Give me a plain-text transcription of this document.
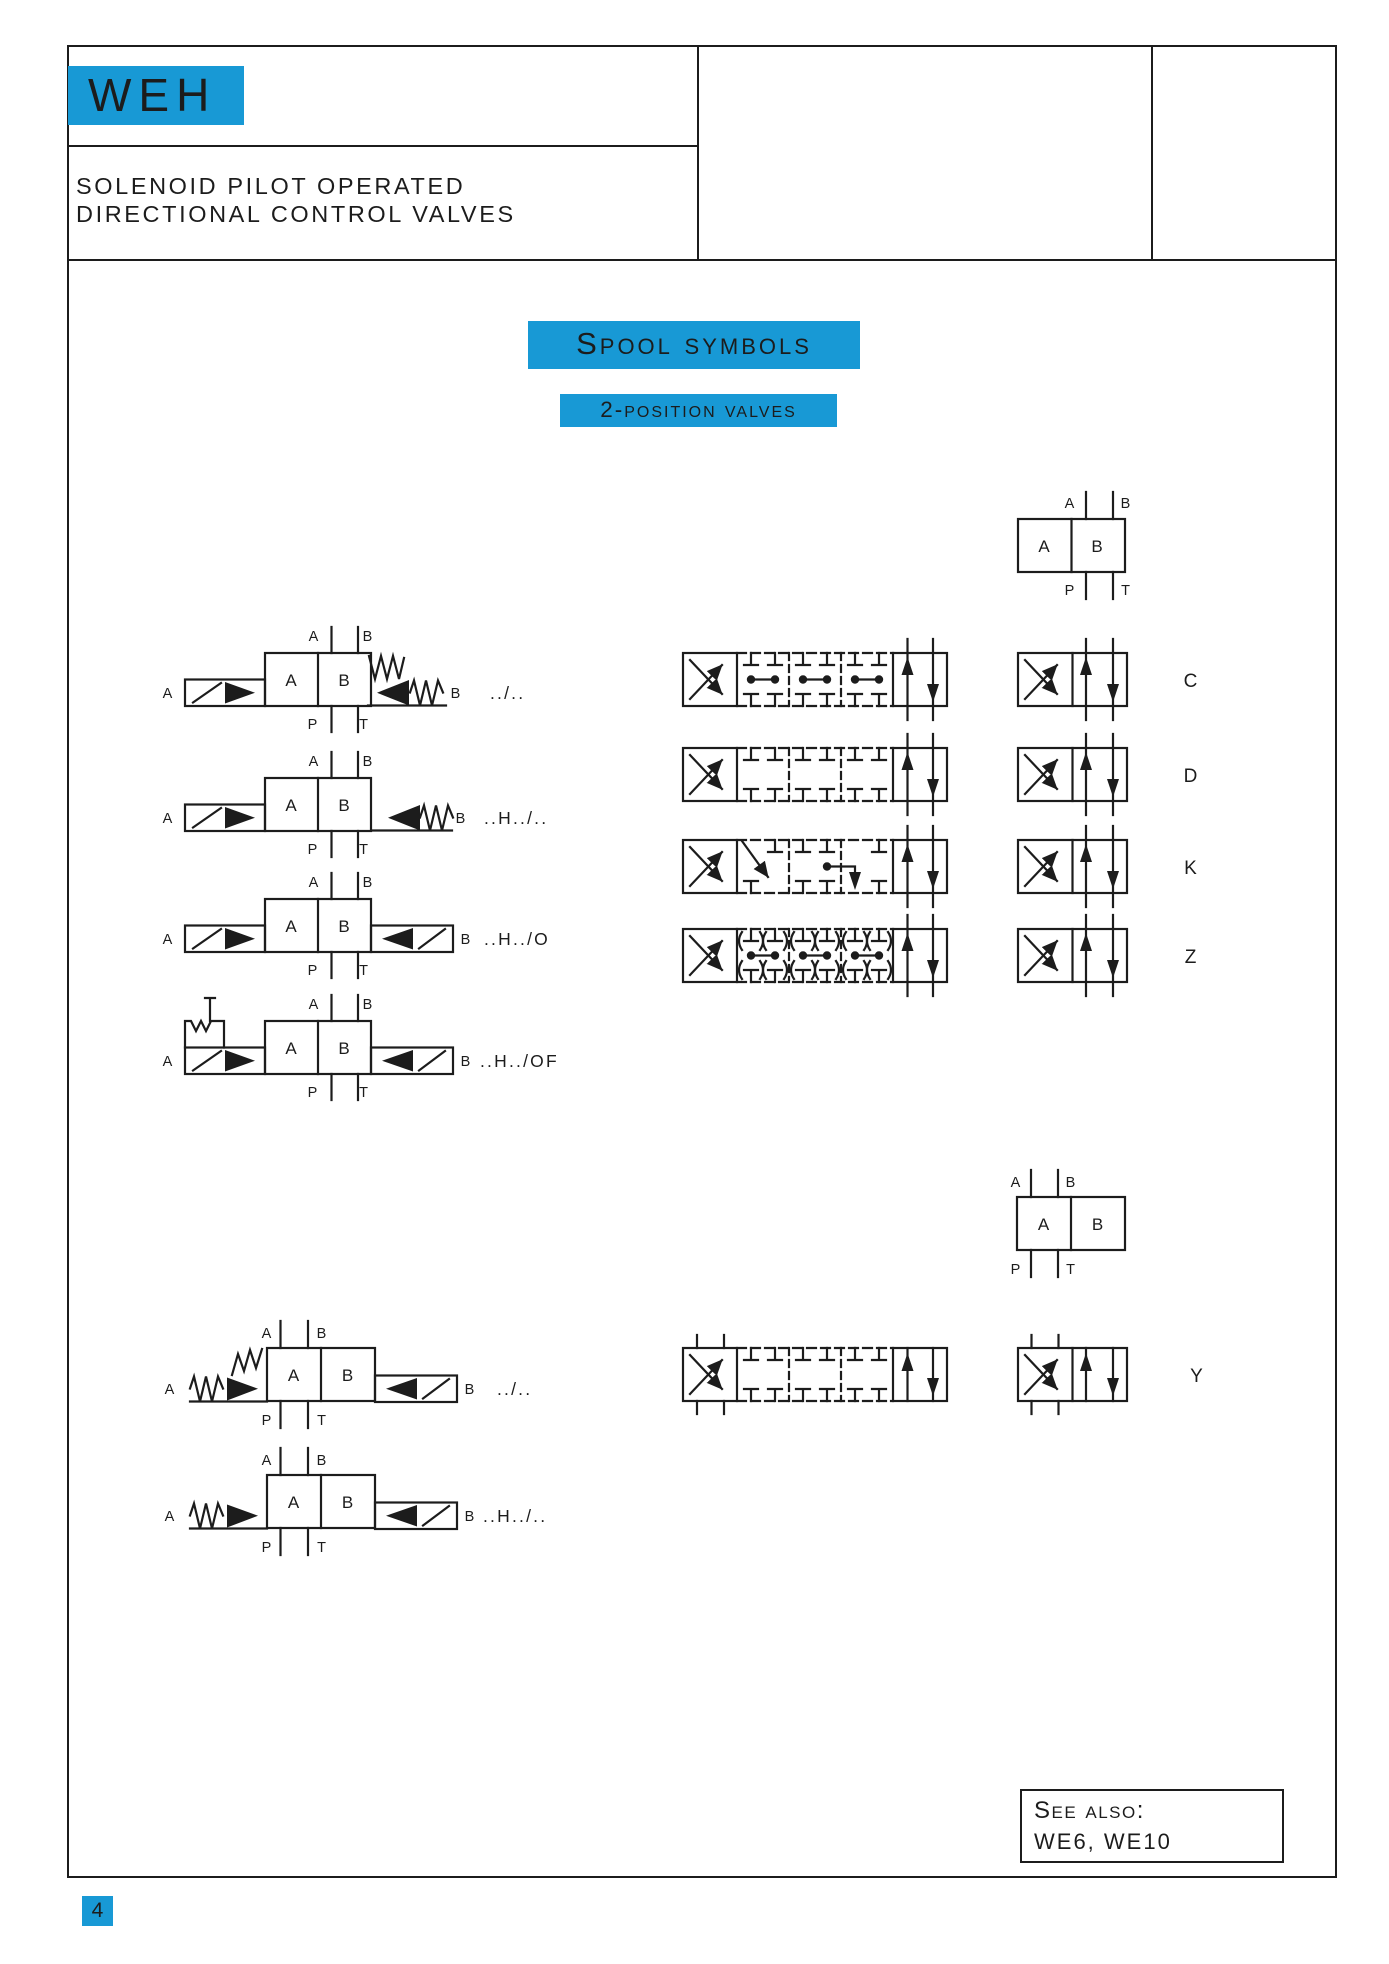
WEH
SOLENOID PILOT OPERATED
DIRECTIONAL CONTROL VALVES
Spool symbols
2-position valves
A	B
P	T
A B
A
A	B
P	T
A B
B ../..
A
A	B
P	T
A B
B ..H../..
A
A	B
P	T
A B
B ..H../O
A
A	B
P	T
A B
B ..H../OF
C
D
K
Z
A	B
P	T
A B
A
A	B
P	T
A B
B ../..
A
A	B
P	T
A B
B ..H../..
Y
See also:
WE6, WE10
4
